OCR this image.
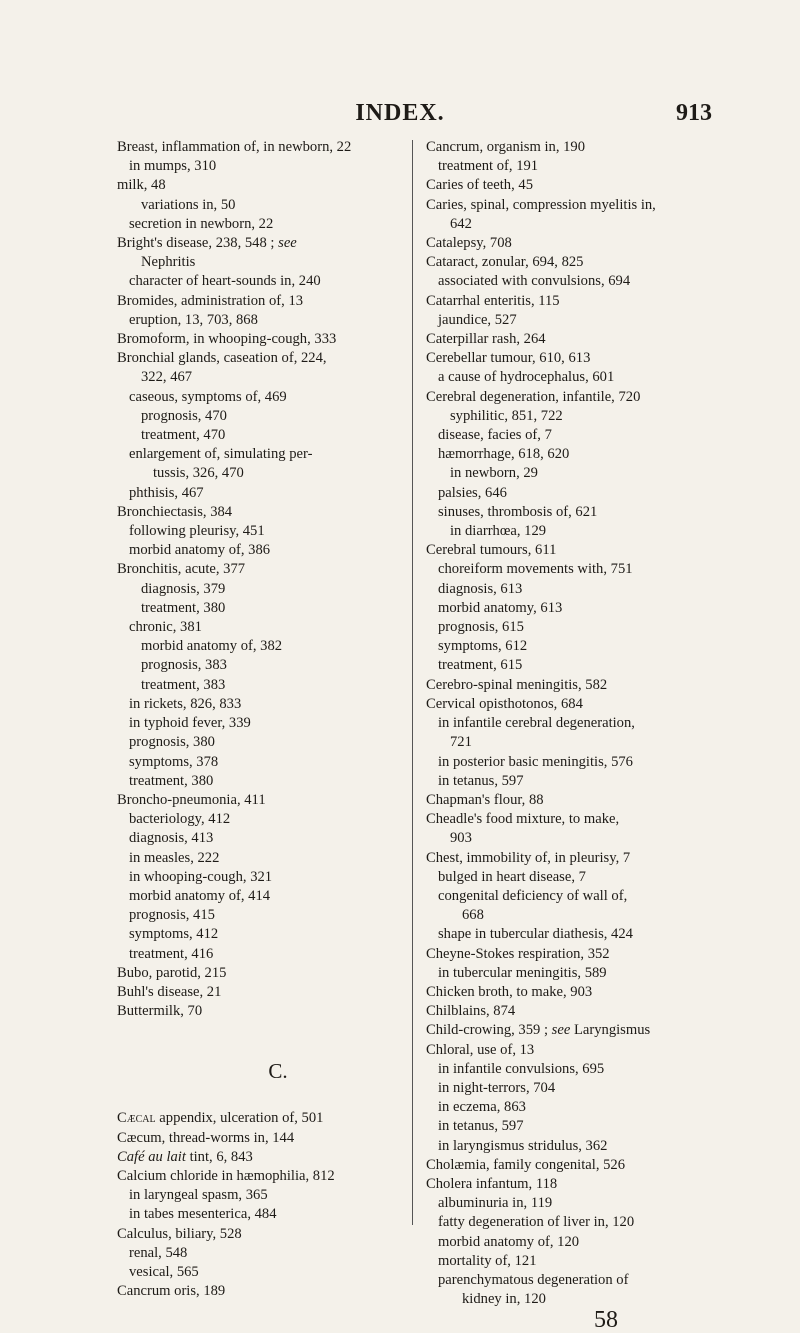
INDEX.	913

Breast, inflammation of, in newborn, 22

in mumps, 310

milk, 48

variations in, 50

secretion in newborn, 22

Bright's disease, 238, 548 ; see

Nephritis

character of heart-sounds in, 240

Bromides, administration of, 13

eruption, 13, 703, 868

Bromoform, in whooping-cough, 333

Bronchial glands, caseation of, 224,

322, 467

caseous, symptoms of, 469

prognosis, 470

treatment, 470

enlargement of, simulating per-

tussis, 326, 470

phthisis, 467

Bronchiectasis, 384

following pleurisy, 451

morbid anatomy of, 386

Bronchitis, acute, 377

diagnosis, 379

treatment, 380

chronic, 381

morbid anatomy of, 382

prognosis, 383

treatment, 383

in rickets, 826, 833

in typhoid fever, 339

prognosis, 380

symptoms, 378

treatment, 380

Broncho-pneumonia, 411

bacteriology, 412

diagnosis, 413

in measles, 222

in whooping-cough, 321

morbid anatomy of, 414

prognosis, 415

symptoms, 412

treatment, 416

Bubo, parotid, 215

Buhl's disease, 21

Buttermilk, 70

C.

Cæcal appendix, ulceration of, 501

Cæcum, thread-worms in, 144

Café au lait tint, 6, 843

Calcium chloride in hæmophilia, 812

in laryngeal spasm, 365

in tabes mesenterica, 484

Calculus, biliary, 528

renal, 548

vesical, 565

Cancrum oris, 189

Cancrum, organism in, 190

treatment of, 191

Caries of teeth, 45

Caries, spinal, compression myelitis in,

642

Catalepsy, 708

Cataract, zonular, 694, 825

associated with convulsions, 694

Catarrhal enteritis, 115

jaundice, 527

Caterpillar rash, 264

Cerebellar tumour, 610, 613

a cause of hydrocephalus, 601

Cerebral degeneration, infantile, 720

syphilitic, 851, 722

disease, facies of, 7

hæmorrhage, 618, 620

in newborn, 29

palsies, 646

sinuses, thrombosis of, 621

in diarrhœa, 129

Cerebral tumours, 611

choreiform movements with, 751

diagnosis, 613

morbid anatomy, 613

prognosis, 615

symptoms, 612

treatment, 615

Cerebro-spinal meningitis, 582

Cervical opisthotonos, 684

in infantile cerebral degeneration,

721

in posterior basic meningitis, 576

in tetanus, 597

Chapman's flour, 88

Cheadle's food mixture, to make,

903

Chest, immobility of, in pleurisy, 7

bulged in heart disease, 7

congenital deficiency of wall of,

668

shape in tubercular diathesis, 424

Cheyne-Stokes respiration, 352

in tubercular meningitis, 589

Chicken broth, to make, 903

Chilblains, 874

Child-crowing, 359 ; see Laryngismus

Chloral, use of, 13

in infantile convulsions, 695

in night-terrors, 704

in eczema, 863

in tetanus, 597

in laryngismus stridulus, 362

Cholæmia, family congenital, 526

Cholera infantum, 118

albuminuria in, 119

fatty degeneration of liver in, 120

morbid anatomy of, 120

mortality of, 121

parenchymatous degeneration of

kidney in, 120

58
